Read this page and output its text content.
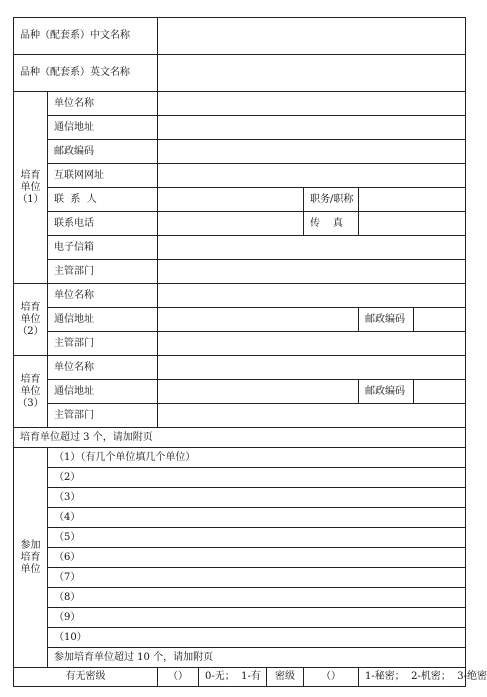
品种（配套系）中文名称							
品种（配套系）英文名称							

培育
单位
（1）	单位名称						
	通信地址						
	邮政编码						
	互联网网址						
	联  系  人				职务/职称		
	联系电话				传    真		
	电子信箱						
	主管部门						

培育
单位
（2）	单位名称						
	通信地址					邮政编码	
	主管部门						

培育
单位
（3）	单位名称						
	通信地址					邮政编码	
	主管部门						
培育单位超过 3 个，请加附页							

参加
培育
单位	（1）（有几个单位填几个单位）						
	（2）						
	（3）						
	（4）						
	（5）						
	（6）						
	（7）						
	（8）						
	（9）						
	（10）						
	参加培育单位超过 10 个，请加附页						
有无密级		（）	0-无；  1-有	密级	（）	1-秘密；  2-机密；  3-绝密	
